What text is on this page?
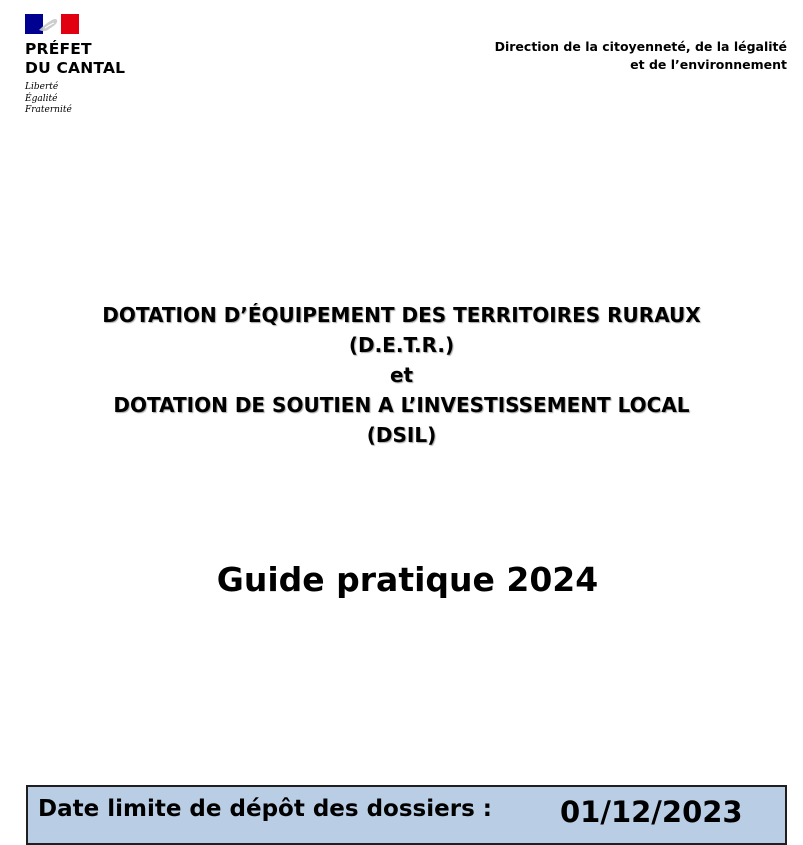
PRÉFET
DU CANTAL
Liberté
Égalité
Fraternité
Direction de la citoyenneté, de la légalité
et de l’environnement
DOTATION D’ÉQUIPEMENT DES TERRITOIRES RURAUX
(D.E.T.R.)
et
DOTATION DE SOUTIEN A L’INVESTISSEMENT LOCAL
(DSIL)
Guide pratique 2024
Date limite de dépôt des dossiers : 01/12/2023
